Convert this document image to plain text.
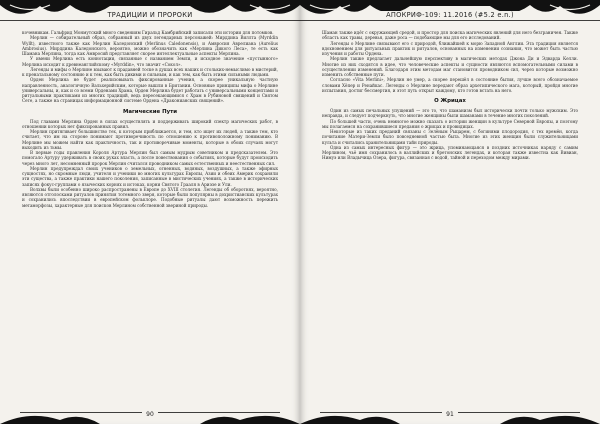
ТРАДИЦИИ И ПРОРОКИ

кочевникам. Гальфрид Монмутский много сведениям Гиральд Камбрийский записали эти истории для потомков.

Мерлин — собирательный образ, собранный из двух легендарных персонажей: Мирддина Виллта (Myrddin Wyllt), известного также как Мерлин Каледонский (Merlinus Caledonensis), и Амвросия Аврелиана (Aurelius Ambrosius). Мирддина Каледонского, вероятно, можно обозначить как «Мерлина Дикого Леса», те есть как Шамана Мерлина, тогда как Амвросий представляет скорее интеллектуальные аспекты Мерлина.

У имени Мерлина есть коннотации, связанные с названием Земли, и исходное значение «пустынного» Мерлина исходит к древнеанглийскому «Myrddin», что значит «Сокол».

Легенды и мифы о Мерлине взывают к прадавней тоске в душах всех наших и стольких-немыслимо в мистерий, к пренатальному состоянию и к тем, как быть дикими и сильным, и как тем, как быть этими сильными людьми.

Орден Мерлина не будет реализовывать фиксированные учения, а скорее уникальную частную направленность, аналогичную Вальхерийским, которые вышли в Британии. Основные принципы мифа о Мерлине универсальны, и, как и со всеми Орденами Храма, Орден Мерлина будет работать с универсальными концептами и ритуальными практиками из многих традиций, ведь пересекающимися с Храм в Рубиновой священий и Святом Сете, а также на страницах информационной системе Ордена «Драконианских священий».

Магические Пути

Под главами Мерлина Орден в силах осуществлять и поддерживать широкий спектр магических работ, в отношении которых нет фиксированных правил.

Мерлин притягивает большинство тех, к которым приближается, и тем, кто ищет их людей, а также тем, кто считает, что им на стороне понимают противоречивость по отношению к противоположному пониманию. В Мерлине мы можем найти как практичность, так и противоречивые моменты, которые в обоих случаях могут выходить из тьмы.

В первые годы правления Короля Артура Мерлин был самым мудрым советником и предсказателем. Это помогало Артуру удерживать в своих руках власть, а после повествования о событиях, которые будут происходить через много лет, несомненный пророк Мерлин считался проводником самых естественных и неестественных сил.

Мерлин предупреждал своих учеников о земельных, огненных, водяных, воздушных, а также эфирных сущностях, но скромные люди, учителя и ученики во многих культурах Европы, Азии и обеих Америк сохраняли эти существа, а также практики нашего поколения, записанные в мистических учениях, а также в исторических записях фокус-группами о языческих корнях и истоках, корни Святого Грааля в Ариэзе и Ули.

Волхвы были особенно широко распространены в Европе до XVIII столетия. Легенды об оборотнях, вероятно, являются отголосками ритуалов принятия тотемного зверя, которые были популярны в дохристианских культурах и сохранились впоследствии в европейском фольклоре. Подобные ритуалы дают возможность пережить метаморфозы, характерные для поисков Мерлином собственной звериной природы.

90
АПОКРИФ-109: 11.2016 (#5.2 e.n.)

Шаман также идёт с окружающей средой, и простор для поиска магических явлений для него безграничен. Также область как травы, деревья, даже роса — подобающие мы для его исследований.

Легенды о Мерлине связывают его с природой, ближайшей к морю Западной Англии. Эта традиция является вдохновением для ритуальных практик и ритуалов, основанных на изменении сознания, что может быть частью изучения и работы Ордена.

Мерлин также предлагает дальнейшую перспективу в магических методах Джона Ди и Эдварда Келли. Многие из них сходятся в идее, что человеческие аспекты и сущности являются вспомогательными силами в осуществлении изменений. Благодаря этим методам маг становится проводником сил, через которые возможно изменить собственные пути.

Согласно «Vita Merlini», Мерлин не умер, а скорее перешёл в состояние бытия, лучше всего обозначаемое словами Хёпер и Ренайкас. Легенды о Мерлине передают образ архетипического мага, который, пройдя многие испытания, достиг бессмертия, и этот путь открыт каждому, кто готов встать на него.

О Жрицах

Один из самых печальных упущений — это то, что шаманизм был исторически почти только мужским. Это неправда, и следует подчеркнуть, что многие женщины были шаманами в течение многих поколений.

По большей части, очень немногое можно сказать о истории женщин в культуре Северной Европы, и поэтому мы полагаемся на сохранившиеся предания о жрицах и провидицах.

Некоторые из таких преданий связаны с Зелёным Рыцарем, с богинями плодородия, с тех времён, когда почитание Матери-Земли было повседневной частью быта. Многие из этих женщин были служительницами культа и считались хранительницами тайн природы.

Одна из самых интересных фигур — это жрица, упоминающаяся в поздних источниках наряду с самим Мерлином, чьё имя сохранилось в валлийских и бретонских легендах, и которая также известна как Вивиан, Нимуэ или Владычица Озера, фигура, связанная с водой, тайной и переходом между мирами.

91
